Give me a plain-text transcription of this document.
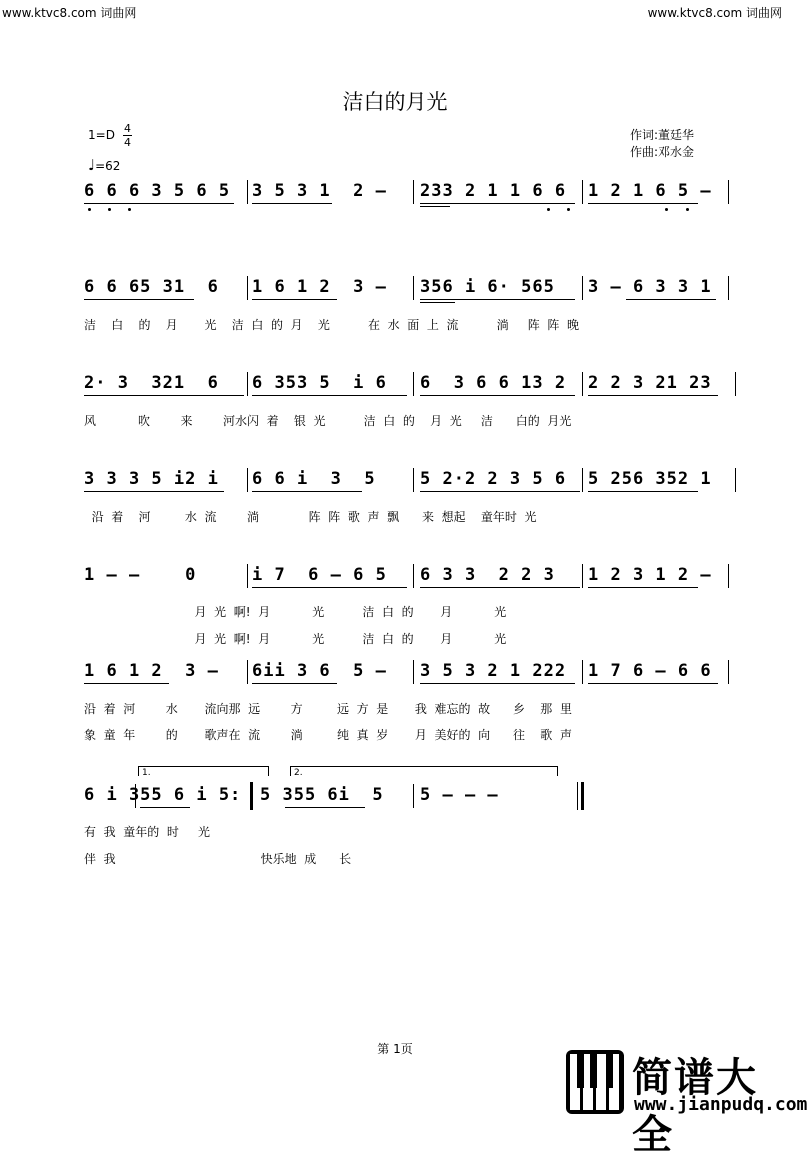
www.ktvc8.com 词曲网	www.ktvc8.com 词曲网
洁白的月光
1=D 4
4
♩=62
作词:董廷华
作曲:邓水金
6 6 6 3 5 6 5 3 5 3 1  2 – 233 2 1 1 6 6 1 2 1 6 5 –
6 6 65 31  6 1 6 1 2  3 – 356 i 6· 565 3 – 6 3 3 1
洁    白    的    月       光    洁  白  的  月    光          在  水  面  上  流          淌     阵  阵  晚
2· 3  321  6 6 353 5  i 6 6  3 6 6 13 2 2 2 3 21 23
风           吹        来        河水闪  着    银  光          洁  白  的    月  光     洁      白的  月光
3 3 3 5 i2 i 6 6 i  3  5	5 2·2 2 3 5 6 5 256 352 1
沿  着    河         水  流        淌             阵  阵  歌  声  飘      来  想起    童年时  光
1 – –    0	i 7  6 – 6 5 6 3 3  2 2 3 1 2 3 1 2 –
月  光  啊!  月           光          洁  白  的       月           光
月  光  啊!  月           光          洁  白  的       月           光
1 6 1 2  3 – 6ii 3 6  5 – 3 5 3 2 1 222 1 7 6 – 6 6
沿  着  河        水       流向那  远        方         远  方  是       我  难忘的  故      乡    那  里
象  童  年        的       歌声在  流        淌         纯  真  岁       月  美好的  向      往    歌  声
1.	2.
6 i 355 6 i 5: 5 355 6i  5 5 – – –
有  我  童年的  时     光
伴  我                                      快乐地  成      长
第 1页
简谱大全
www.jianpudq.com
